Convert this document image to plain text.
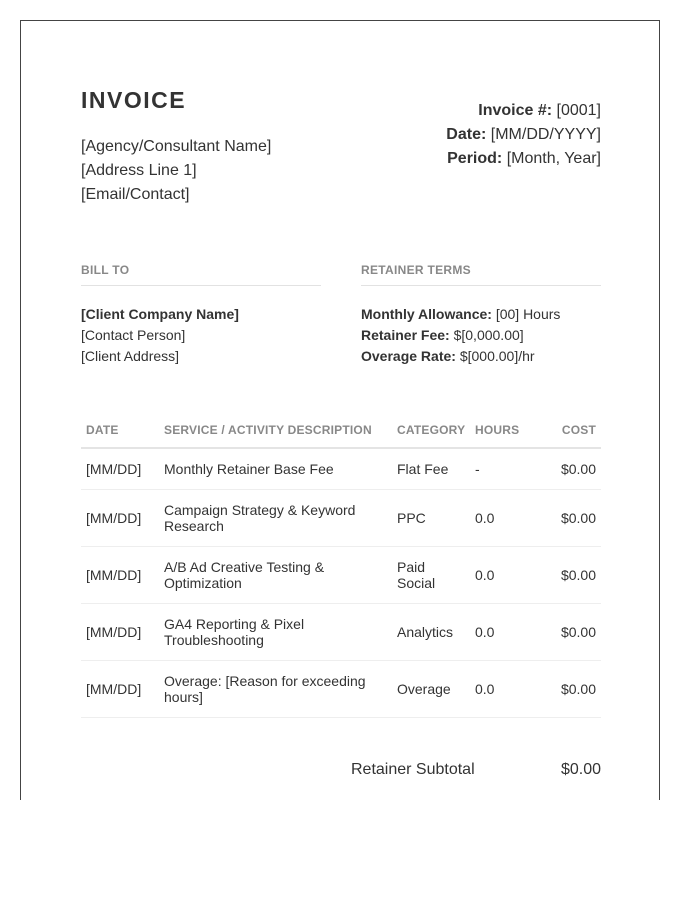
INVOICE
[Agency/Consultant Name]
[Address Line 1]
[Email/Contact]
Invoice #: [0001]
Date: [MM/DD/YYYY]
Period: [Month, Year]
BILL TO
[Client Company Name]
[Contact Person]
[Client Address]
RETAINER TERMS
Monthly Allowance: [00] Hours
Retainer Fee: $[0,000.00]
Overage Rate: $[000.00]/hr
DATE	SERVICE / ACTIVITY DESCRIPTION	CATEGORY	HOURS	COST
[MM/DD]	Monthly Retainer Base Fee	Flat Fee	-	$0.00
[MM/DD]	Campaign Strategy & Keyword Research	PPC	0.0	$0.00
[MM/DD]	A/B Ad Creative Testing & Optimization	Paid Social	0.0	$0.00
[MM/DD]	GA4 Reporting & Pixel Troubleshooting	Analytics	0.0	$0.00
[MM/DD]	Overage: [Reason for exceeding hours]	Overage	0.0	$0.00
Retainer Subtotal	$0.00
